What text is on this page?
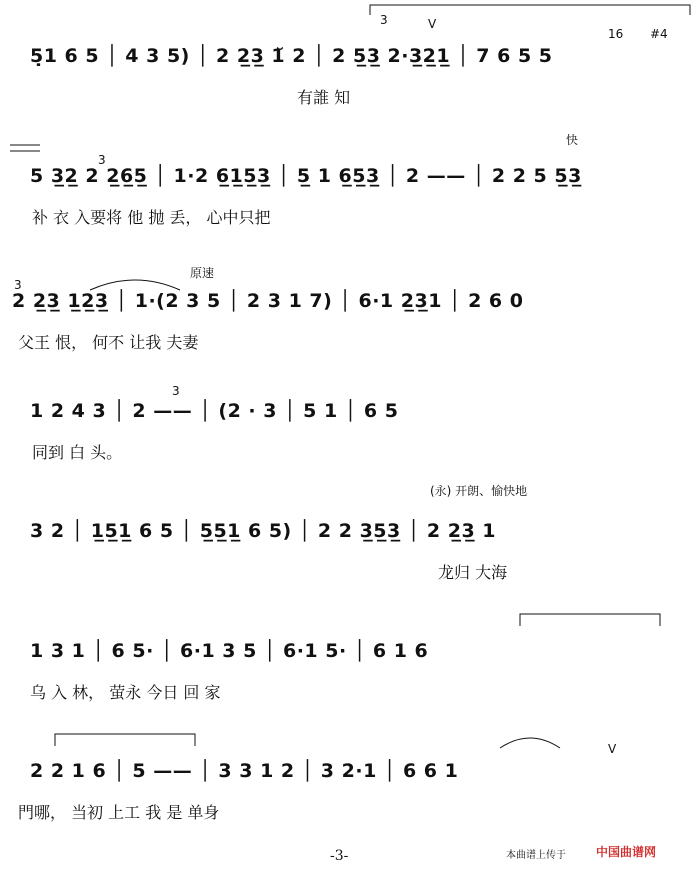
5̣1 6 5 │ 4 3 5) │ 2 2̲3̲ 1̆ 2 │ 2 5̲3̲ 2·3̲2̲1̲ │ 7 6 5 5
有誰 知
3	V
16 #4
5 3̲2̲ 2 2̲6̲5̲ │ 1·2 6̲1̲5̲3̲ │ 5̲ 1 6̲5̲3̲ │ 2 —— │ 2 2 5 5̲3̲
补 衣 入要将 他 抛 丢， 心中只把
3
快
2 2̲3̲ 1̲2̲3̲ │ 1·(2 3 5 │ 2 3 1 7) │ 6·1 2̲3̲1 │ 2 6 0
父王 恨， 何不 让我 夫妻
3
原速
1 2 4 3 │ 2 —— │ (2 · 3 │ 5 1 │ 6 5
同到 白 头。
3
3 2 │ 1̲5̲1̲ 6 5 │ 5̲5̲1̲ 6 5) │ 2 2 3̲5̲3̲ │ 2 2̲3̲ 1
龙归 大海
(永) 开朗、愉快地
1 3 1 │ 6 5· │ 6·1 3 5 │ 6·1 5· │ 6 1 6
乌 入 林， 萤永 今日 回 家
2 2 1 6 │ 5 —— │ 3 3 1 2 │ 3 2·1 │ 6 6 1
門哪， 当初 上工 我 是 单身
V
-3-	本曲谱上传于	中国曲谱网
